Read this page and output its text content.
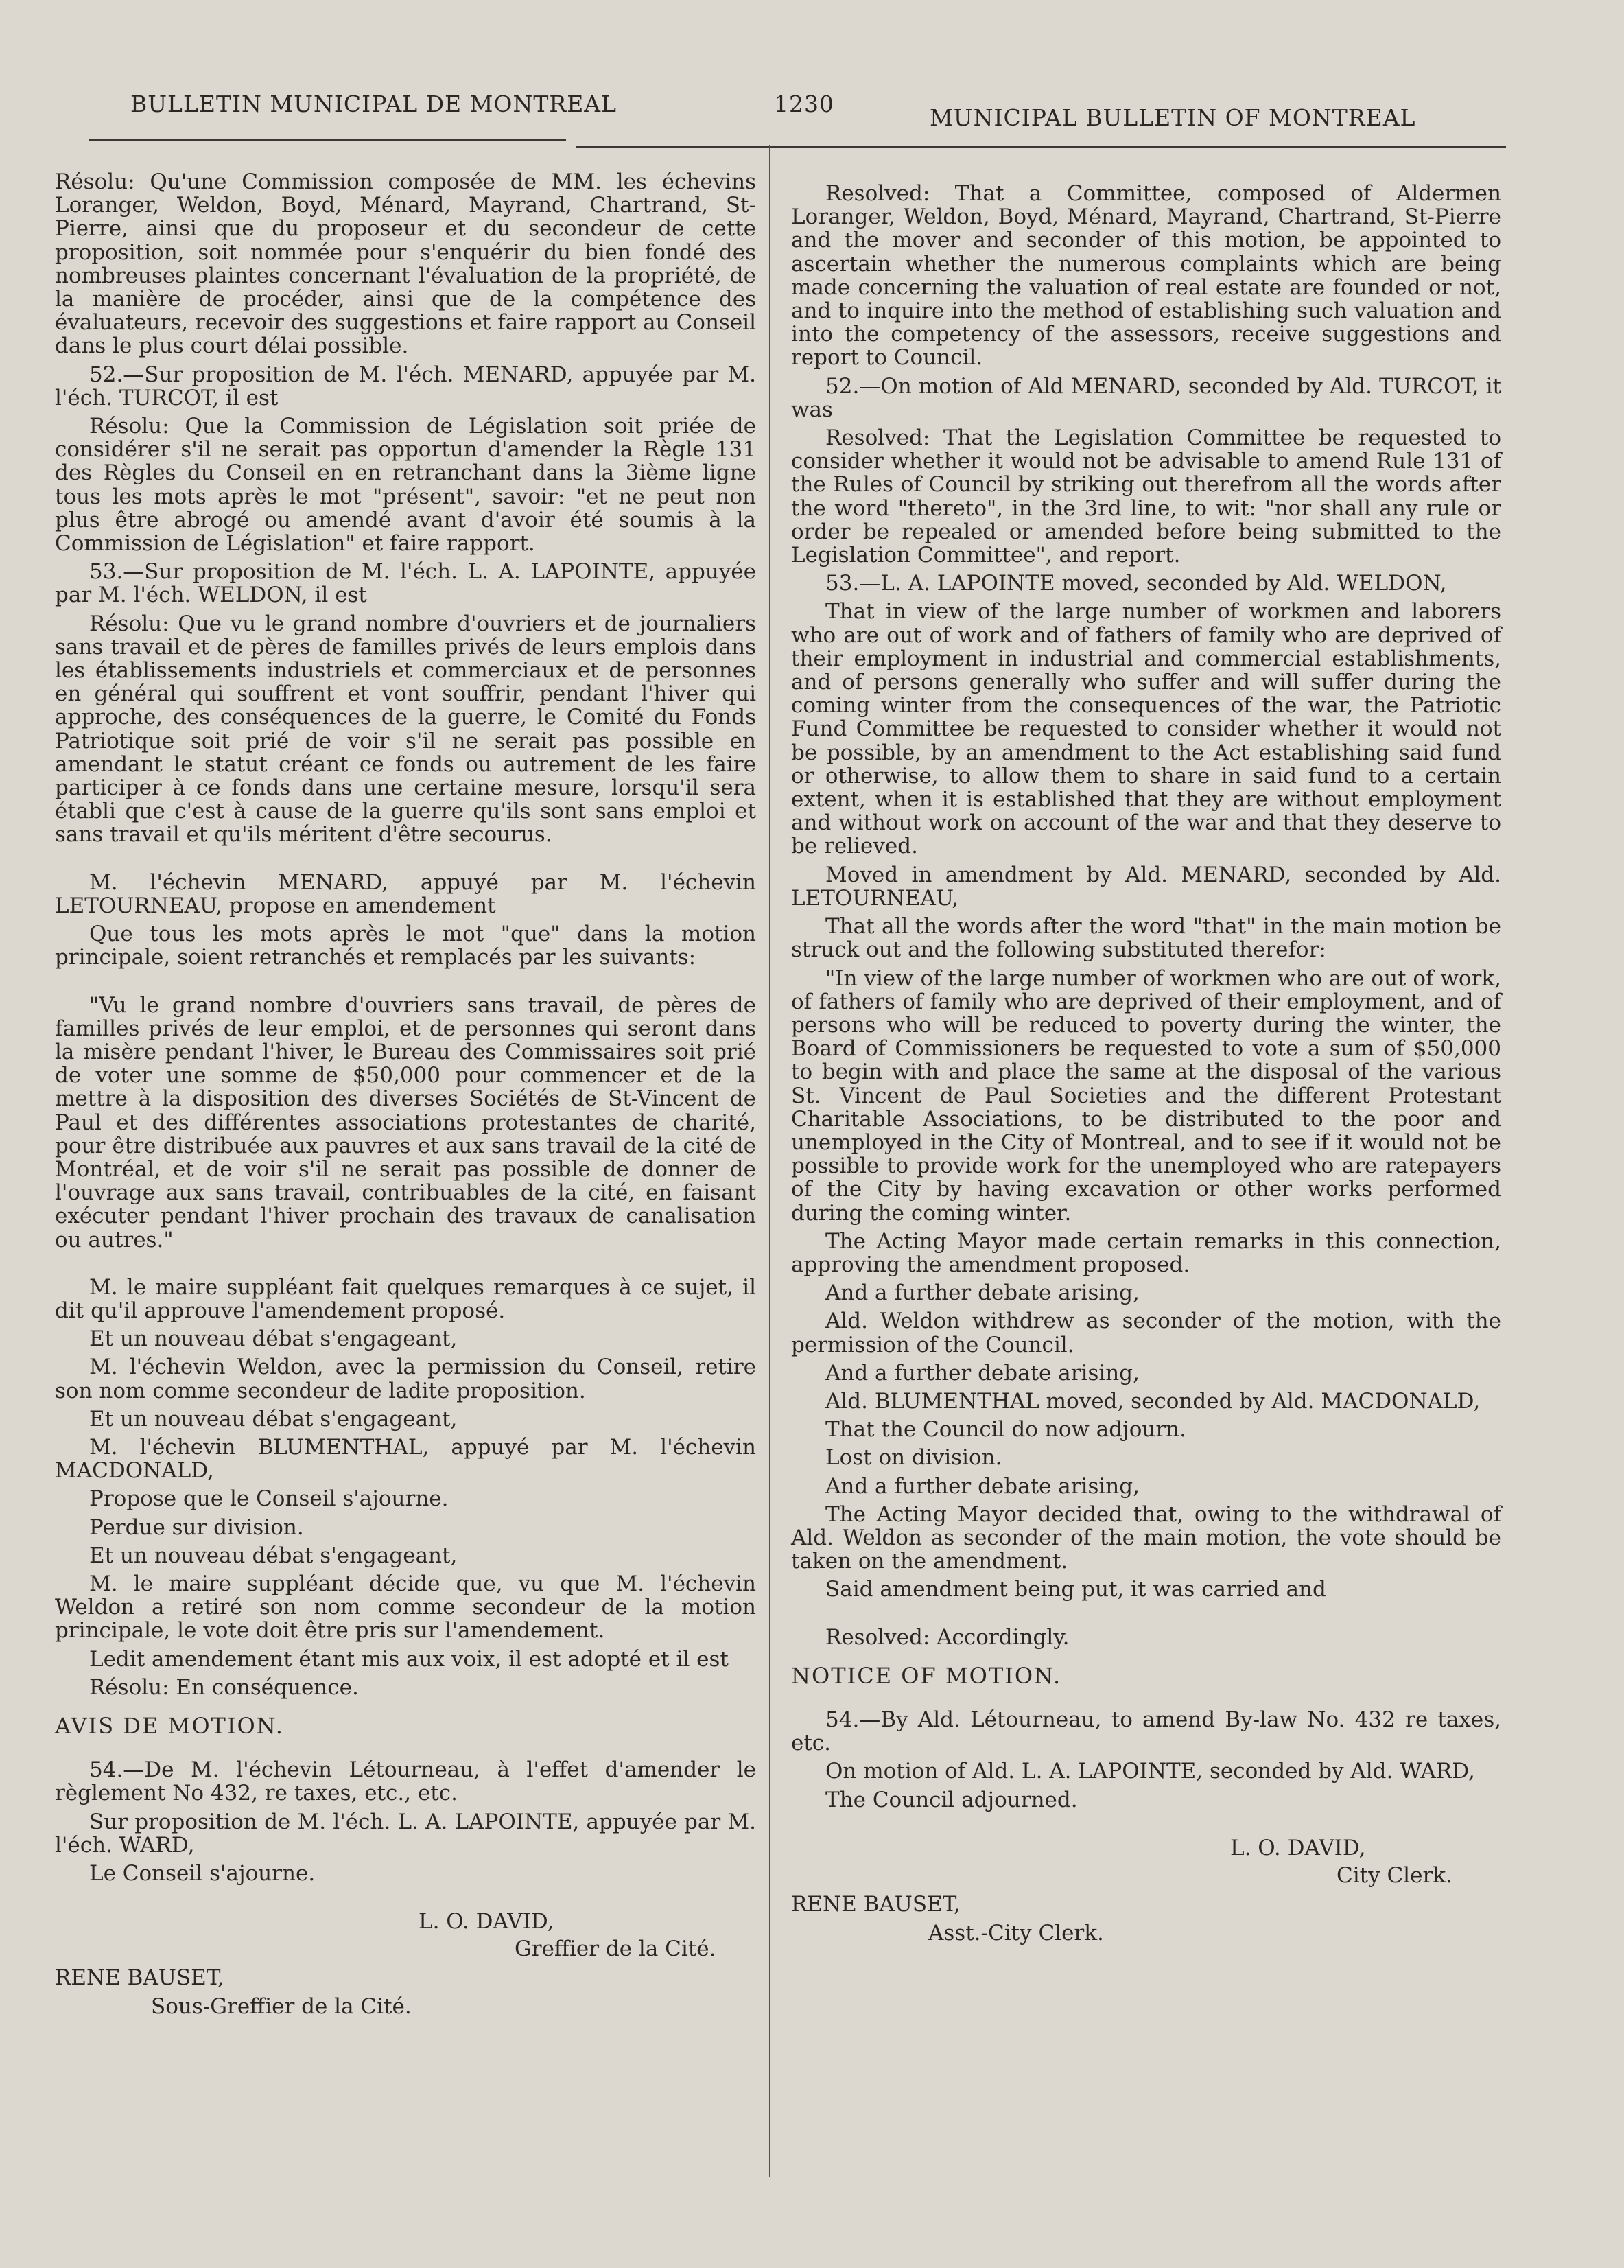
BULLETIN MUNICIPAL DE MONTREAL	1230
MUNICIPAL BULLETIN OF MONTREAL

Résolu: Qu'une Commission composée de MM. les échevins Loranger, Weldon, Boyd, Ménard, Mayrand, Chartrand, St-Pierre, ainsi que du proposeur et du secondeur de cette proposition, soit nommée pour s'enquérir du bien fondé des nombreuses plaintes concernant l'évaluation de la propriété, de la manière de procéder, ainsi que de la compétence des évaluateurs, recevoir des suggestions et faire rapport au Conseil dans le plus court délai possible.

52.—Sur proposition de M. l'éch. MENARD, appuyée par M. l'éch. TURCOT, il est

Résolu: Que la Commission de Législation soit priée de considérer s'il ne serait pas opportun d'amender la Règle 131 des Règles du Conseil en en retranchant dans la 3ième ligne tous les mots après le mot "présent", savoir: "et ne peut non plus être abrogé ou amendé avant d'avoir été soumis à la Commission de Législation" et faire rapport.

53.—Sur proposition de M. l'éch. L. A. LAPOINTE, appuyée par M. l'éch. WELDON, il est

Résolu: Que vu le grand nombre d'ouvriers et de journaliers sans travail et de pères de familles privés de leurs emplois dans les établissements industriels et commerciaux et de personnes en général qui souffrent et vont souffrir, pendant l'hiver qui approche, des conséquences de la guerre, le Comité du Fonds Patriotique soit prié de voir s'il ne serait pas possible en amendant le statut créant ce fonds ou autrement de les faire participer à ce fonds dans une certaine mesure, lorsqu'il sera établi que c'est à cause de la guerre qu'ils sont sans emploi et sans travail et qu'ils méritent d'être secourus.

M. l'échevin MENARD, appuyé par M. l'échevin LETOURNEAU, propose en amendement

Que tous les mots après le mot "que" dans la motion principale, soient retranchés et remplacés par les suivants:

"Vu le grand nombre d'ouvriers sans travail, de pères de familles privés de leur emploi, et de personnes qui seront dans la misère pendant l'hiver, le Bureau des Commissaires soit prié de voter une somme de $50,000 pour commencer et de la mettre à la disposition des diverses Sociétés de St-Vincent de Paul et des différentes associations protestantes de charité, pour être distribuée aux pauvres et aux sans travail de la cité de Montréal, et de voir s'il ne serait pas possible de donner de l'ouvrage aux sans travail, contribuables de la cité, en faisant exécuter pendant l'hiver prochain des travaux de canalisation ou autres."

M. le maire suppléant fait quelques remarques à ce sujet, il dit qu'il approuve l'amendement proposé.

Et un nouveau débat s'engageant,

M. l'échevin Weldon, avec la permission du Conseil, retire son nom comme secondeur de ladite proposition.

Et un nouveau débat s'engageant,

M. l'échevin BLUMENTHAL, appuyé par M. l'échevin MACDONALD,

Propose que le Conseil s'ajourne.

Perdue sur division.

Et un nouveau débat s'engageant,

M. le maire suppléant décide que, vu que M. l'échevin Weldon a retiré son nom comme secondeur de la motion principale, le vote doit être pris sur l'amendement.

Ledit amendement étant mis aux voix, il est adopté et il est

Résolu: En conséquence.

AVIS DE MOTION.

54.—De M. l'échevin Létourneau, à l'effet d'amender le règlement No 432, re taxes, etc., etc.

Sur proposition de M. l'éch. L. A. LAPOINTE, appuyée par M. l'éch. WARD,

Le Conseil s'ajourne.

L. O. DAVID,
Greffier de la Cité.
RENE BAUSET,
Sous-Greffier de la Cité.

Resolved: That a Committee, composed of Aldermen Loranger, Weldon, Boyd, Ménard, Mayrand, Chartrand, St-Pierre and the mover and seconder of this motion, be appointed to ascertain whether the numerous complaints which are being made concerning the valuation of real estate are founded or not, and to inquire into the method of establishing such valuation and into the competency of the assessors, receive suggestions and report to Council.

52.—On motion of Ald MENARD, seconded by Ald. TURCOT, it was

Resolved: That the Legislation Committee be requested to consider whether it would not be advisable to amend Rule 131 of the Rules of Council by striking out therefrom all the words after the word "thereto", in the 3rd line, to wit: "nor shall any rule or order be repealed or amended before being submitted to the Legislation Committee", and report.

53.—L. A. LAPOINTE moved, seconded by Ald. WELDON,

That in view of the large number of workmen and laborers who are out of work and of fathers of family who are deprived of their employment in industrial and commercial establishments, and of persons generally who suffer and will suffer during the coming winter from the consequences of the war, the Patriotic Fund Committee be requested to consider whether it would not be possible, by an amendment to the Act establishing said fund or otherwise, to allow them to share in said fund to a certain extent, when it is established that they are without employment and without work on account of the war and that they deserve to be relieved.

Moved in amendment by Ald. MENARD, seconded by Ald. LETOURNEAU,

That all the words after the word "that" in the main motion be struck out and the following substituted therefor:

"In view of the large number of workmen who are out of work, of fathers of family who are deprived of their employment, and of persons who will be reduced to poverty during the winter, the Board of Commissioners be requested to vote a sum of $50,000 to begin with and place the same at the disposal of the various St. Vincent de Paul Societies and the different Protestant Charitable Associations, to be distributed to the poor and unemployed in the City of Montreal, and to see if it would not be possible to provide work for the unemployed who are ratepayers of the City by having excavation or other works performed during the coming winter.

The Acting Mayor made certain remarks in this connection, approving the amendment proposed.

And a further debate arising,

Ald. Weldon withdrew as seconder of the motion, with the permission of the Council.

And a further debate arising,

Ald. BLUMENTHAL moved, seconded by Ald. MACDONALD,

That the Council do now adjourn.

Lost on division.

And a further debate arising,

The Acting Mayor decided that, owing to the withdrawal of Ald. Weldon as seconder of the main motion, the vote should be taken on the amendment.

Said amendment being put, it was carried and

Resolved: Accordingly.

NOTICE OF MOTION.

54.—By Ald. Létourneau, to amend By-law No. 432 re taxes, etc.

On motion of Ald. L. A. LAPOINTE, seconded by Ald. WARD,

The Council adjourned.

L. O. DAVID,
City Clerk.
RENE BAUSET,
Asst.-City Clerk.
